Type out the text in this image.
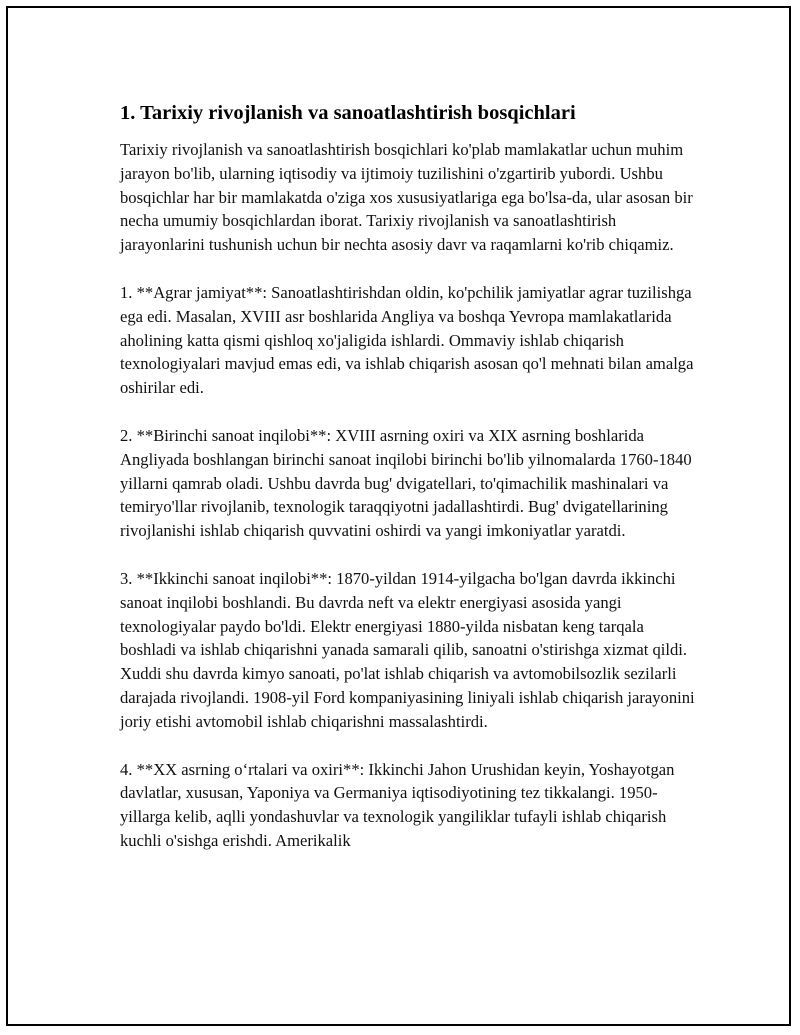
1. Tarixiy rivojlanish va sanoatlashtirish bosqichlari

Tarixiy rivojlanish va sanoatlashtirish bosqichlari ko'plab mamlakatlar uchun muhim jarayon bo'lib, ularning iqtisodiy va ijtimoiy tuzilishini o'zgartirib yubordi. Ushbu bosqichlar har bir mamlakatda o'ziga xos xususiyatlariga ega bo'lsa-da, ular asosan bir necha umumiy bosqichlardan iborat. Tarixiy rivojlanish va sanoatlashtirish jarayonlarini tushunish uchun bir nechta asosiy davr va raqamlarni ko'rib chiqamiz.

1. **Agrar jamiyat**: Sanoatlashtirishdan oldin, ko'pchilik jamiyatlar agrar tuzilishga ega edi. Masalan, XVIII asr boshlarida Angliya va boshqa Yevropa mamlakatlarida aholining katta qismi qishloq xo'jaligida ishlardi. Ommaviy ishlab chiqarish texnologiyalari mavjud emas edi, va ishlab chiqarish asosan qo'l mehnati bilan amalga oshirilar edi.

2. **Birinchi sanoat inqilobi**: XVIII asrning oxiri va XIX asrning boshlarida Angliyada boshlangan birinchi sanoat inqilobi birinchi bo'lib yilnomalarda 1760-1840 yillarni qamrab oladi. Ushbu davrda bug' dvigatellari, to'qimachilik mashinalari va temiryo'llar rivojlanib, texnologik taraqqiyotni jadallashtirdi. Bug' dvigatellarining rivojlanishi ishlab chiqarish quvvatini oshirdi va yangi imkoniyatlar yaratdi.

3. **Ikkinchi sanoat inqilobi**: 1870-yildan 1914-yilgacha bo'lgan davrda ikkinchi sanoat inqilobi boshlandi. Bu davrda neft va elektr energiyasi asosida yangi texnologiyalar paydo bo'ldi. Elektr energiyasi 1880-yilda nisbatan keng tarqala boshladi va ishlab chiqarishni yanada samarali qilib, sanoatni o'stirishga xizmat qildi. Xuddi shu davrda kimyo sanoati, po'lat ishlab chiqarish va avtomobilsozlik sezilarli darajada rivojlandi. 1908-yil Ford kompaniyasining liniyali ishlab chiqarish jarayonini joriy etishi avtomobil ishlab chiqarishni massalashtirdi.

4. **XX asrning o‘rtalari va oxiri**: Ikkinchi Jahon Urushidan keyin, Yoshayotgan davlatlar, xususan, Yaponiya va Germaniya iqtisodiyotining tez tikkalangi. 1950-yillarga kelib, aqlli yondashuvlar va texnologik yangiliklar tufayli ishlab chiqarish kuchli o'sishga erishdi. Amerikalik
